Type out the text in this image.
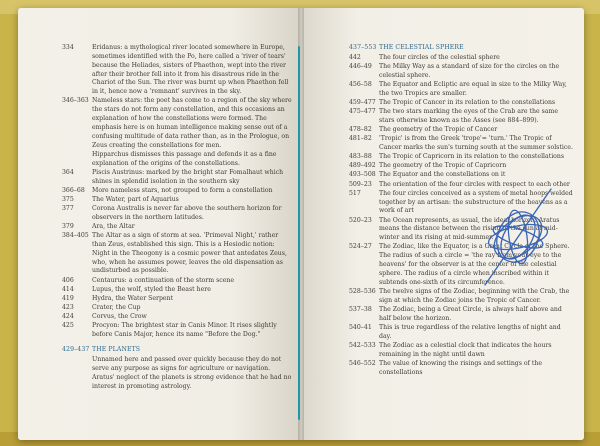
334	Eridanus: a mythological river located somewhere in Europe, sometimes identified with the Po, here called a 'river of tears' because the Heliades, sisters of Phaethon, wept into the river after their brother fell into it from his disastrous ride in the Chariot of the Sun. The river was burnt up when Phaethon fell in it, hence now a 'remnant' survives in the sky.
346–363 Nameless stars: the poet has come to a region of the sky where the stars do not form any constellation, and this occasions an explanation of how the constellations were formed. The emphasis here is on human intelligence making sense out of a confusing multitude of data rather than, as in the Prologue, on Zeus creating the constellations for men.
Hipparchus dismisses this passage and defends it as a fine explanation of the origins of the constellations.
364	Piscis Austrinus: marked by the bright star Fomalhaut which shines in splendid isolation in the southern sky
366–68	More nameless stars, not grouped to form a constellation
375	The Water, part of Aquarius
377	Corona Australis is never far above the southern horizon for observers in the northern latitudes.
379	Ara, the Altar
384–405 The Altar as a sign of storm at sea. 'Primeval Night,' rather than Zeus, established this sign. This is a Hesiodic notion: Night in the Theogony is a cosmic power that antedates Zeus, who, when he assumes power, leaves the old dispensation as undisturbed as possible.
406	Centaurus: a continuation of the storm scene
414	Lupus, the wolf, styled the Beast here
419	Hydra, the Water Serpent
423	Crater, the Cup
424	Corvus, the Crow
425	Procyon: The brightest star in Canis Minor. It rises slightly before Canis Major, hence its name "Before the Dog."
429–437 THE PLANETS
Unnamed here and passed over quickly because they do not serve any purpose as signs for agriculture or navigation. Aratus' neglect of the planets is strong evidence that he had no interest in promoting astrology.
437–553 THE CELESTIAL SPHERE
442	The four circles of the celestial sphere
446–49	The Milky Way as a standard of size for the circles on the celestial sphere.
456–58	The Equator and Ecliptic are equal in size to the Milky Way, the two Tropics are smaller.
459–477 The Tropic of Cancer in its relation to the constellations
475–477 The two stars marking the eyes of the Crab are the same stars otherwise known as the Asses (see 884–899).
478–82	The geometry of the Tropic of Cancer
481–82	'Tropic' is from the Greek 'trope'= 'turn.' The Tropic of Cancer marks the sun's turning south at the summer solstice.
483–88	The Tropic of Capricorn in its relation to the constellations
489–492 The geometry of the Tropic of Capricorn
493–508 The Equator and the constellations on it
509–23	The orientation of the four circles with respect to each other
517	The four circles conceived as a system of metal hoops welded together by an artisan: the substructure of the heavens as a work of art
520–23	The Ocean represents, as usual, the ideal horizon. Aratus means the distance between the rising of the sun at mid-winter and its rising at mid-summer.
524–27	The Zodiac, like the Equator, is a Great Circle of the Sphere. The radius of such a circle = 'the ray from your eye to the heavens' for the observer is at the center of the celestial sphere. The radius of a circle when inscribed within it subtends one-sixth of its circumference.
528–536 The twelve signs of the Zodiac, beginning with the Crab, the sign at which the Zodiac joins the Tropic of Cancer.
537–38	The Zodiac, being a Great Circle, is always half above and half below the horizon.
540–41	This is true regardless of the relative lengths of night and day.
542–533 The Zodiac as a celestial clock that indicates the hours remaining in the night until dawn
546–552 The value of knowing the risings and settings of the constellations
